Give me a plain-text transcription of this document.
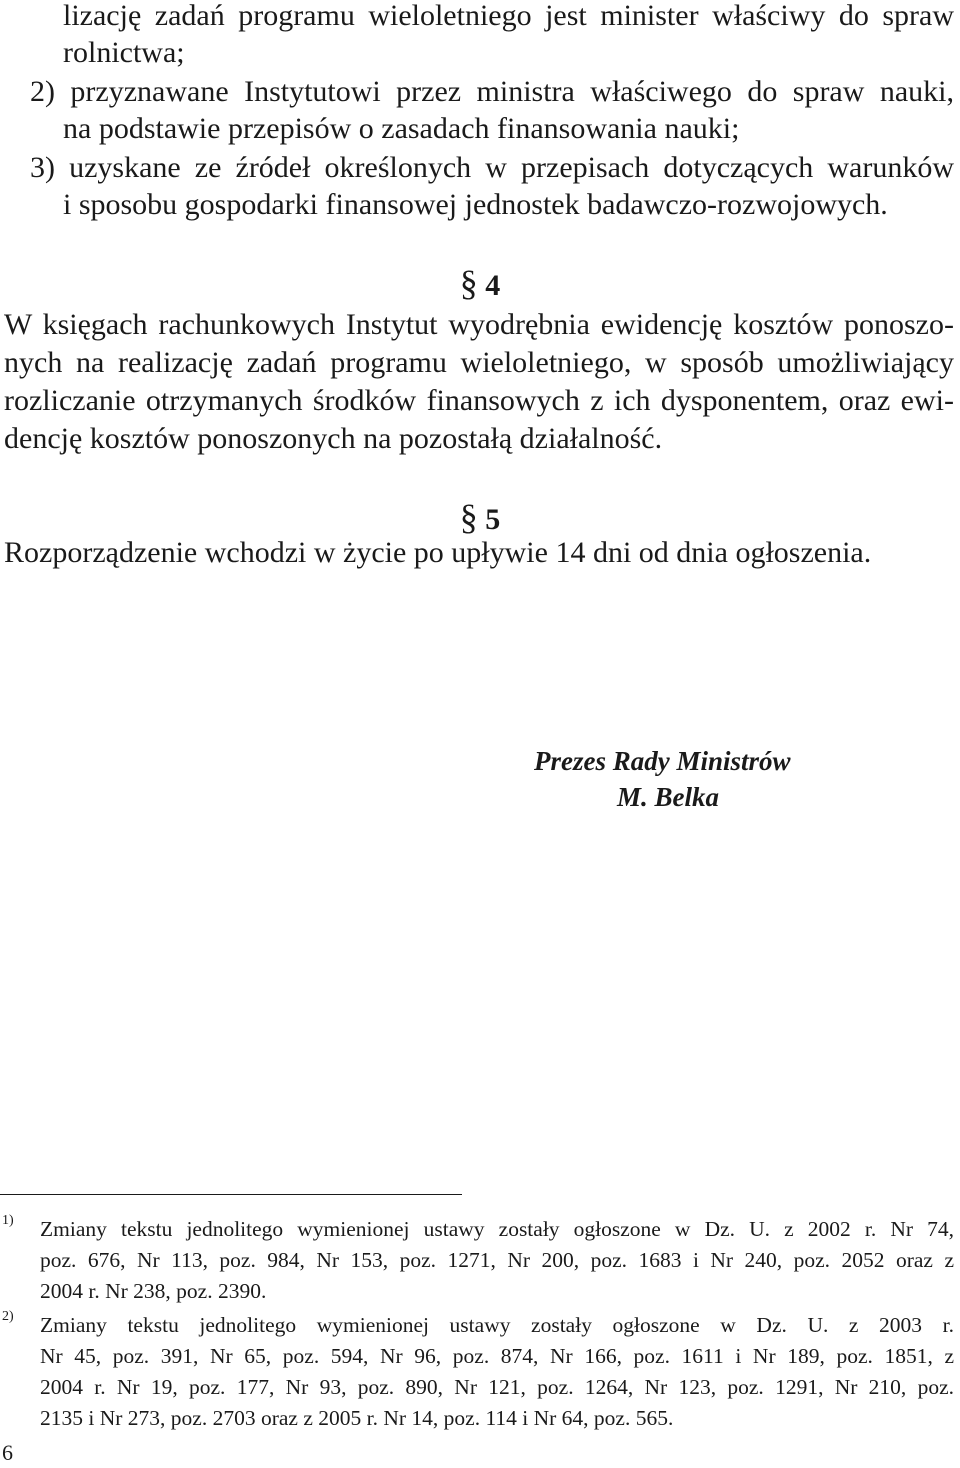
lizację zadań programu wieloletniego jest minister właściwy do spraw
rolnictwa;
2) przyznawane Instytutowi przez ministra właściwego do spraw nauki,
na podstawie przepisów o zasadach finansowania nauki;
3) uzyskane ze źródeł określonych w przepisach dotyczących warunków
i sposobu gospodarki finansowej jednostek badawczo-rozwojowych.
§ 4
W księgach rachunkowych Instytut wyodrębnia ewidencję kosztów ponoszo-
nych na realizację zadań programu wieloletniego, w sposób umożliwiający
rozliczanie otrzymanych środków finansowych z ich dysponentem, oraz ewi-
dencję kosztów ponoszonych na pozostałą działalność.
§ 5
Rozporządzenie wchodzi w życie po upływie 14 dni od dnia ogłoszenia.
Prezes Rady Ministrów
M. Belka
1) Zmiany tekstu jednolitego wymienionej ustawy zostały ogłoszone w Dz. U. z 2002 r. Nr 74,
poz. 676, Nr 113, poz. 984, Nr 153, poz. 1271, Nr 200, poz. 1683 i Nr 240, poz. 2052 oraz z
2004 r. Nr 238, poz. 2390.
2) Zmiany tekstu jednolitego wymienionej ustawy zostały ogłoszone w Dz. U. z 2003 r.
Nr 45, poz. 391, Nr 65, poz. 594, Nr 96, poz. 874, Nr 166, poz. 1611 i Nr 189, poz. 1851, z
2004 r. Nr 19, poz. 177, Nr 93, poz. 890, Nr 121, poz. 1264, Nr 123, poz. 1291, Nr 210, poz.
2135 i Nr 273, poz. 2703 oraz z 2005 r. Nr 14, poz. 114 i Nr 64, poz. 565.
6
